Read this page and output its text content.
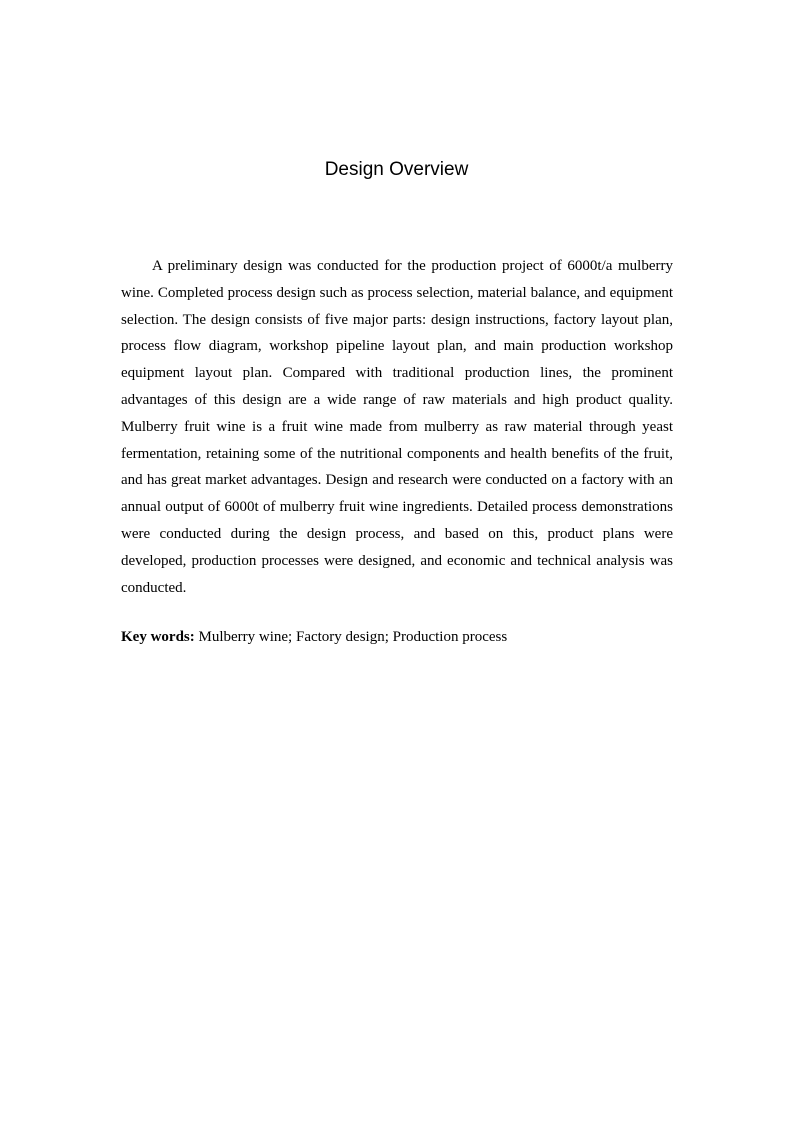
Design Overview

A preliminary design was conducted for the production project of 6000t/a mulberry wine. Completed process design such as process selection, material balance, and equipment selection. The design consists of five major parts: design instructions, factory layout plan, process flow diagram, workshop pipeline layout plan, and main production workshop equipment layout plan. Compared with traditional production lines, the prominent advantages of this design are a wide range of raw materials and high product quality. Mulberry fruit wine is a fruit wine made from mulberry as raw material through yeast fermentation, retaining some of the nutritional components and health benefits of the fruit, and has great market advantages. Design and research were conducted on a factory with an annual output of 6000t of mulberry fruit wine ingredients. Detailed process demonstrations were conducted during the design process, and based on this, product plans were developed, production processes were designed, and economic and technical analysis was conducted.

Key words: Mulberry wine; Factory design; Production process
